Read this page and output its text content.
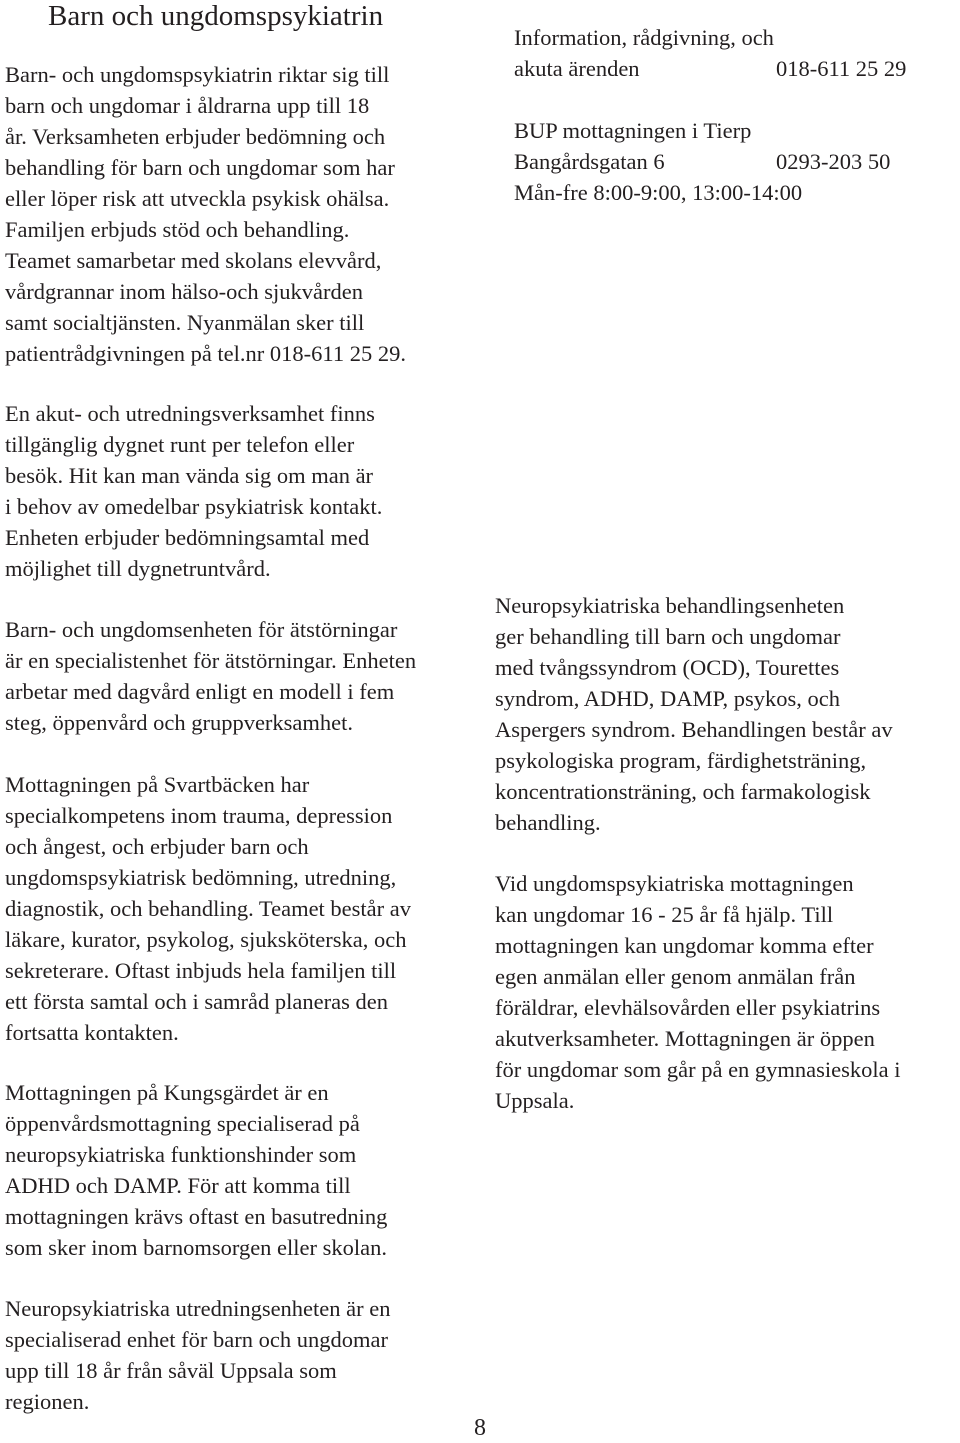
Barn och ungdomspsykiatrin

Barn- och ungdomspsykiatrin riktar sig till
barn och ungdomar i åldrarna upp till 18
år. Verksamheten erbjuder bedömning och
behandling för barn och ungdomar som har
eller löper risk att utveckla psykisk ohälsa.
Familjen erbjuds stöd och behandling.
Teamet samarbetar med skolans elevvård,
vårdgrannar inom hälso-och sjukvården
samt socialtjänsten. Nyanmälan sker till
patientrådgivningen på tel.nr 018-611 25 29.

En akut- och utredningsverksamhet finns
tillgänglig dygnet runt per telefon eller
besök. Hit kan man vända sig om man är
i behov av omedelbar psykiatrisk kontakt.
Enheten erbjuder bedömningsamtal med
möjlighet till dygnetruntvård.

Barn- och ungdomsenheten för ätstörningar
är en specialistenhet för ätstörningar. Enheten
arbetar med dagvård enligt en modell i fem
steg, öppenvård och gruppverksamhet.

Mottagningen på Svartbäcken har
specialkompetens inom trauma, depression
och ångest, och erbjuder barn och
ungdomspsykiatrisk bedömning, utredning,
diagnostik, och behandling. Teamet består av
läkare, kurator, psykolog, sjuksköterska, och
sekreterare. Oftast inbjuds hela familjen till
ett första samtal och i samråd planeras den
fortsatta kontakten.

Mottagningen på Kungsgärdet är en
öppenvårdsmottagning specialiserad på
neuropsykiatriska funktionshinder som
ADHD och DAMP. För att komma till
mottagningen krävs oftast en basutredning
som sker inom barnomsorgen eller skolan.

Neuropsykiatriska utredningsenheten är en
specialiserad enhet för barn och ungdomar
upp till 18 år från såväl Uppsala som
regionen.

Information, rådgivning, och
akuta ärenden	018-611 25 29
BUP mottagningen i Tierp
Bangårdsgatan 6	0293-203 50
Mån-fre 8:00-9:00, 13:00-14:00

Neuropsykiatriska behandlingsenheten
ger behandling till barn och ungdomar
med tvångssyndrom (OCD), Tourettes
syndrom, ADHD, DAMP, psykos, och
Aspergers syndrom. Behandlingen består av
psykologiska program, färdighetsträning,
koncentrationsträning, och farmakologisk
behandling.

Vid ungdomspsykiatriska mottagningen
kan ungdomar 16 - 25 år få hjälp. Till
mottagningen kan ungdomar komma efter
egen anmälan eller genom anmälan från
föräldrar, elevhälsovården eller psykiatrins
akutverksamheter. Mottagningen är öppen
för ungdomar som går på en gymnasieskola i
Uppsala.

8
